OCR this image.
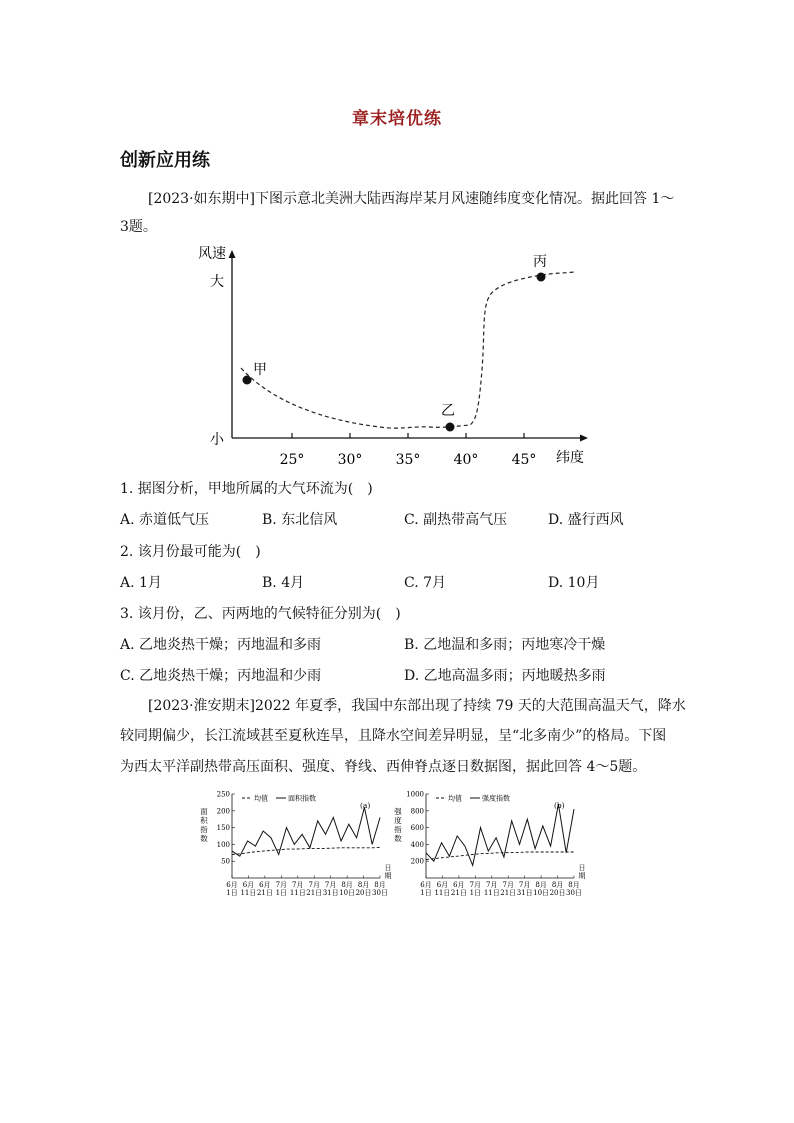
章末培优练
创新应用练
[2023·如东期中]下图示意北美洲大陆西海岸某月风速随纬度变化情况。据此回答 1～
3题。
风速
大
小
25° 30° 35° 40° 45° 纬度
甲
乙
丙
1. 据图分析，甲地所属的大气环流为(　)
A. 赤道低气压	B. 东北信风	C. 副热带高气压	D. 盛行西风
2. 该月份最可能为(　)
A. 1月	B. 4月	C. 7月	D. 10月
3. 该月份，乙、丙两地的气候特征分别为(　)
A. 乙地炎热干燥；丙地温和多雨	B. 乙地温和多雨；丙地寒冷干燥
C. 乙地炎热干燥；丙地温和少雨	D. 乙地高温多雨；丙地暖热多雨
[2023·淮安期末]2022 年夏季，我国中东部出现了持续 79 天的大范围高温天气，降水
较同期偏少，长江流域甚至夏秋连旱，且降水空间差异明显，呈“北多南少”的格局。下图
为西太平洋副热带高压面积、强度、脊线、西伸脊点逐日数据图，据此回答 4～5题。
50
100
150
200
250
面
积
指
数
6月
1日
6月
11日
6月
21日
7月
1日
7月
11日
7月
21日
7月
31日
8月
10日
8月
20日
8月
30日
日
期
均值	面积指数
(a)
200
400
600
800
1000
强
度
指
数
6月
1日
6月
11日
6月
21日
7月
1日
7月
11日
7月
21日
7月
31日
8月
10日
8月
20日
8月
30日
日
期
均值	强度指数
(b)
